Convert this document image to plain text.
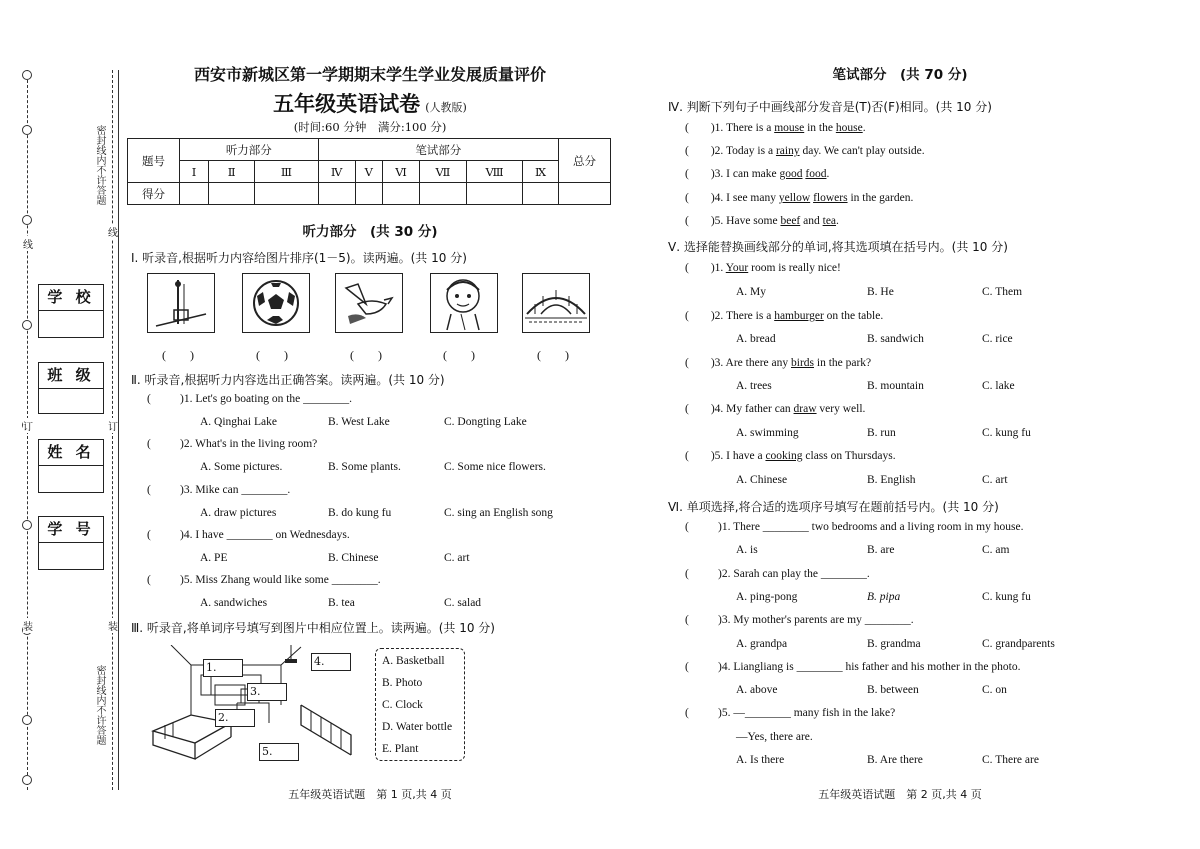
密封线内不许答题
密封线内不许答题
线
线
订
订
装
装
学 校
班 级
姓 名
学 号
西安市新城区第一学期期末学生学业发展质量评价
五年级英语试卷 (人教版)
(时间:60 分钟　满分:100 分)
题号	听力部分			笔试部分						总分
	Ⅰ	Ⅱ	Ⅲ	Ⅳ	Ⅴ	Ⅵ	Ⅶ	Ⅷ	Ⅸ	
得分										
听力部分　(共 30 分)
Ⅰ. 听录音,根据听力内容给图片排序(1－5)。读两遍。(共 10 分)
(　　)	(　　)	(　　)	(　　)	(　　)
Ⅱ. 听录音,根据听力内容选出正确答案。读两遍。(共 10 分)
(	)1. Let's go boating on the ________.
A. Qinghai Lake	B. West Lake	C. Dongting Lake
(	)2. What's in the living room?
A. Some pictures.	B. Some plants.	C. Some nice flowers.
(	)3. Mike can ________.
A. draw pictures	B. do kung fu	C. sing an English song
(	)4. I have ________ on Wednesdays.
A. PE	B. Chinese	C. art
(	)5. Miss Zhang would like some ________.
A. sandwiches	B. tea	C. salad
Ⅲ. 听录音,将单词序号填写到图片中相应位置上。读两遍。(共 10 分)
1.
2.
3.
4.
5.
A. Basketball
B. Photo
C. Clock
D. Water bottle
E. Plant
五年级英语试题　第 1 页,共 4 页
笔试部分　(共 70 分)
Ⅳ. 判断下列句子中画线部分发音是(T)否(F)相同。(共 10 分)
( )1. There is a mouse in the house.
( )2. Today is a rainy day. We can't play outside.
( )3. I can make good food.
( )4. I see many yellow flowers in the garden.
( )5. Have some beef and tea.
Ⅴ. 选择能替换画线部分的单词,将其选项填在括号内。(共 10 分)
( )1. Your room is really nice!
A. My	B. He	C. Them
( )2. There is a hamburger on the table.
A. bread	B. sandwich	C. rice
( )3. Are there any birds in the park?
A. trees	B. mountain	C. lake
( )4. My father can draw very well.
A. swimming	B. run	C. kung fu
( )5. I have a cooking class on Thursdays.
A. Chinese	B. English	C. art
Ⅵ. 单项选择,将合适的选项序号填写在题前括号内。(共 10 分)
(	)1. There ________ two bedrooms and a living room in my house.
A. is	B. are	C. am
(	)2. Sarah can play the ________.
A. ping-pong	B. pipa	C. kung fu
(	)3. My mother's parents are my ________.
A. grandpa	B. grandma	C. grandparents
(	)4. Liangliang is ________ his father and his mother in the photo.
A. above	B. between	C. on
(	)5. —________ many fish in the lake?
—Yes, there are.
A. Is there	B. Are there	C. There are
五年级英语试题　第 2 页,共 4 页
